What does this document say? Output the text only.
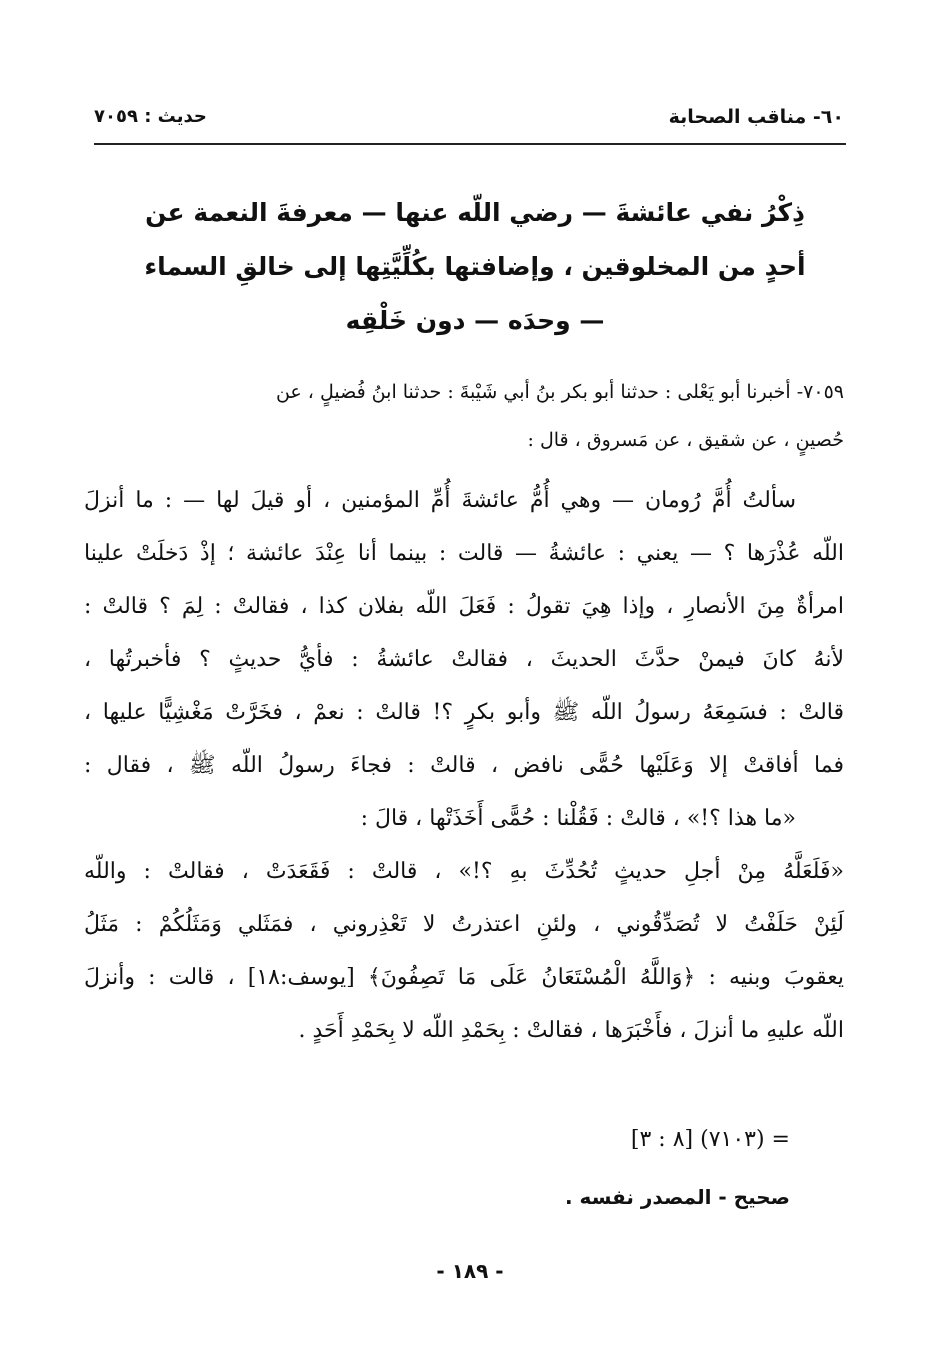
٦٠- مناقب الصحابة
حديث : ٧٠٥٩
ذِكْرُ نفي عائشةَ — رضي اللّه عنها — معرفةَ النعمة عن
أحدٍ من المخلوقين ، وإضافتها بكُلِّيَّتِها إلى خالقِ السماء
— وحدَه — دون خَلْقِه
٧٠٥٩- أخبرنا أبو يَعْلى : حدثنا أبو بكر بنُ أبي شَيْبةَ : حدثنا ابنُ فُضيلٍ ، عن
حُصينٍ ، عن شقيق ، عن مَسروق ، قال :
سألتُ أُمَّ رُومان — وهي أُمُّ عائشةَ أُمِّ المؤمنين ، أو قيلَ لها — : ما أنزلَ
اللّه عُذْرَها ؟ — يعني : عائشةُ — قالت : بينما أنا عِنْدَ عائشة ؛ إذْ دَخلَتْ علينا
امرأةٌ مِنَ الأنصارِ ، وإذا هِيَ تقولُ : فَعَلَ اللّه بفلان كذا ، فقالتْ : لِمَ ؟ قالتْ :
لأنهُ كانَ فيمنْ حدَّثَ الحديثَ ، فقالتْ عائشةُ : فأيُّ حديثٍ ؟ فأخبرتُها ،
قالتْ : فسَمِعَهُ رسولُ اللّه ﷺ وأبو بكرٍ ؟! قالتْ : نعمْ ، فخَرَّتْ مَغْشِيًّا عليها ،
فما أفاقتْ إلا وَعَلَيْها حُمًّى نافض ، قالتْ : فجاءَ رسولُ اللّه ﷺ ، فقال :
«ما هذا ؟!» ، قالتْ : فَقُلْنا : حُمًّى أَخَذَتْها ، قالَ :
«فَلَعَلَّهُ مِنْ أجلِ حديثٍ تُحُدِّثَ بهِ ؟!» ، قالتْ : فَقَعَدَتْ ، فقالتْ : واللّه
لَئِنْ حَلَفْتُ لا تُصَدِّقُوني ، ولئنِ اعتذرتُ لا تَعْذِروني ، فمَثَلي وَمَثَلُكُمْ : مَثَلُ
يعقوبَ وبنيه : ﴿وَاللَّهُ الْمُسْتَعَانُ عَلَى مَا تَصِفُونَ﴾ [يوسف:١٨] ، قالت : وأنزلَ
اللّه عليهِ ما أنزلَ ، فأَخْبَرَها ، فقالتْ : بِحَمْدِ اللّه لا بِحَمْدِ أَحَدٍ .
= (٧١٠٣) [٨ : ٣]
صحيح - المصدر نفسه .
- ١٨٩ -
